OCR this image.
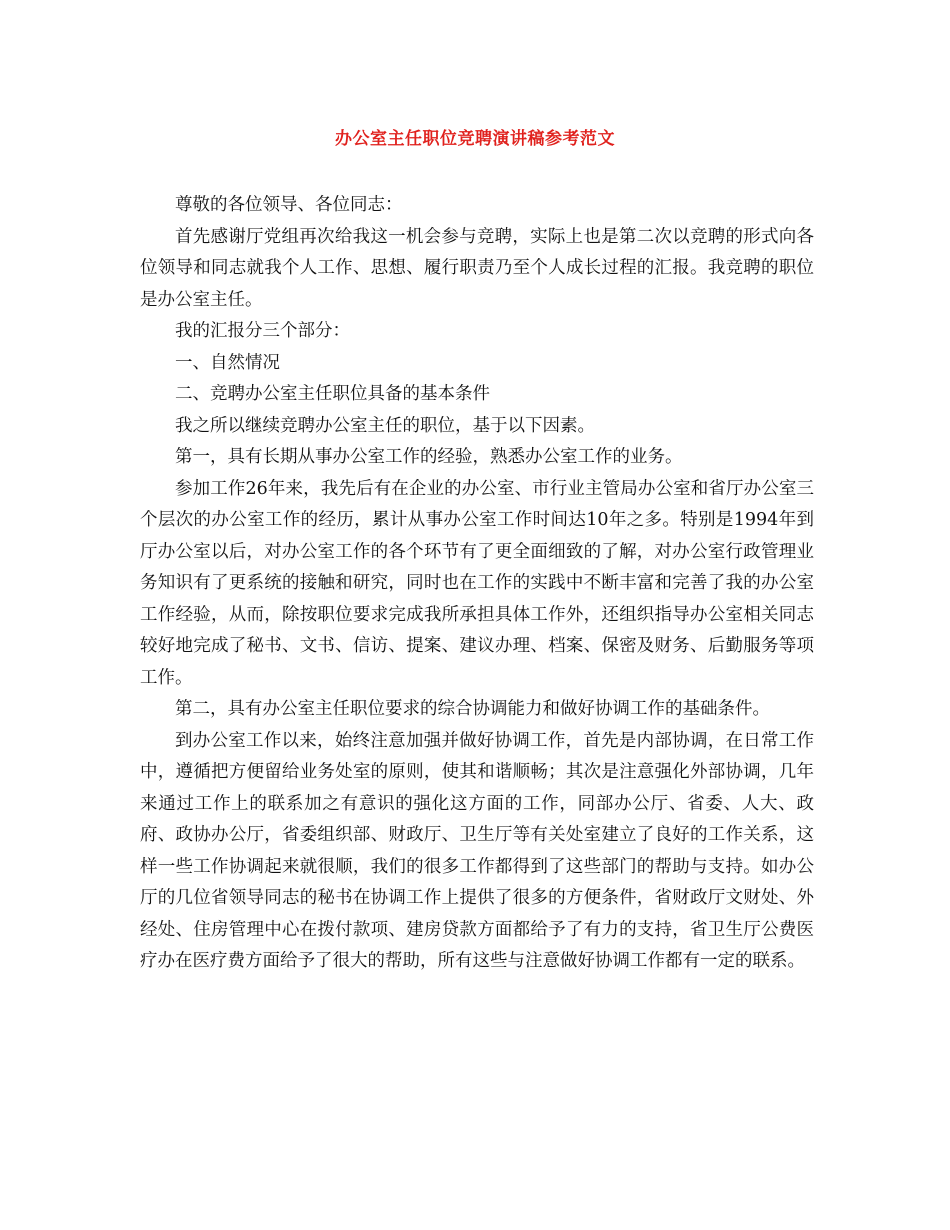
办公室主任职位竞聘演讲稿参考范文

尊敬的各位领导、各位同志：

首先感谢厅党组再次给我这一机会参与竞聘，实际上也是第二次以竞聘的形式向各位领导和同志就我个人工作、思想、履行职责乃至个人成长过程的汇报。我竞聘的职位是办公室主任。

我的汇报分三个部分：

一、自然情况

二、竞聘办公室主任职位具备的基本条件

我之所以继续竞聘办公室主任的职位，基于以下因素。

第一，具有长期从事办公室工作的经验，熟悉办公室工作的业务。

参加工作26年来，我先后有在企业的办公室、市行业主管局办公室和省厅办公室三个层次的办公室工作的经历，累计从事办公室工作时间达10年之多。特别是1994年到厅办公室以后，对办公室工作的各个环节有了更全面细致的了解，对办公室行政管理业务知识有了更系统的接触和研究，同时也在工作的实践中不断丰富和完善了我的办公室工作经验，从而，除按职位要求完成我所承担具体工作外，还组织指导办公室相关同志较好地完成了秘书、文书、信访、提案、建议办理、档案、保密及财务、后勤服务等项工作。

第二，具有办公室主任职位要求的综合协调能力和做好协调工作的基础条件。

到办公室工作以来，始终注意加强并做好协调工作，首先是内部协调，在日常工作中，遵循把方便留给业务处室的原则，使其和谐顺畅；其次是注意强化外部协调，几年来通过工作上的联系加之有意识的强化这方面的工作，同部办公厅、省委、人大、政府、政协办公厅，省委组织部、财政厅、卫生厅等有关处室建立了良好的工作关系，这样一些工作协调起来就很顺，我们的很多工作都得到了这些部门的帮助与支持。如办公厅的几位省领导同志的秘书在协调工作上提供了很多的方便条件，省财政厅文财处、外经处、住房管理中心在拨付款项、建房贷款方面都给予了有力的支持，省卫生厅公费医疗办在医疗费方面给予了很大的帮助，所有这些与注意做好协调工作都有一定的联系。
